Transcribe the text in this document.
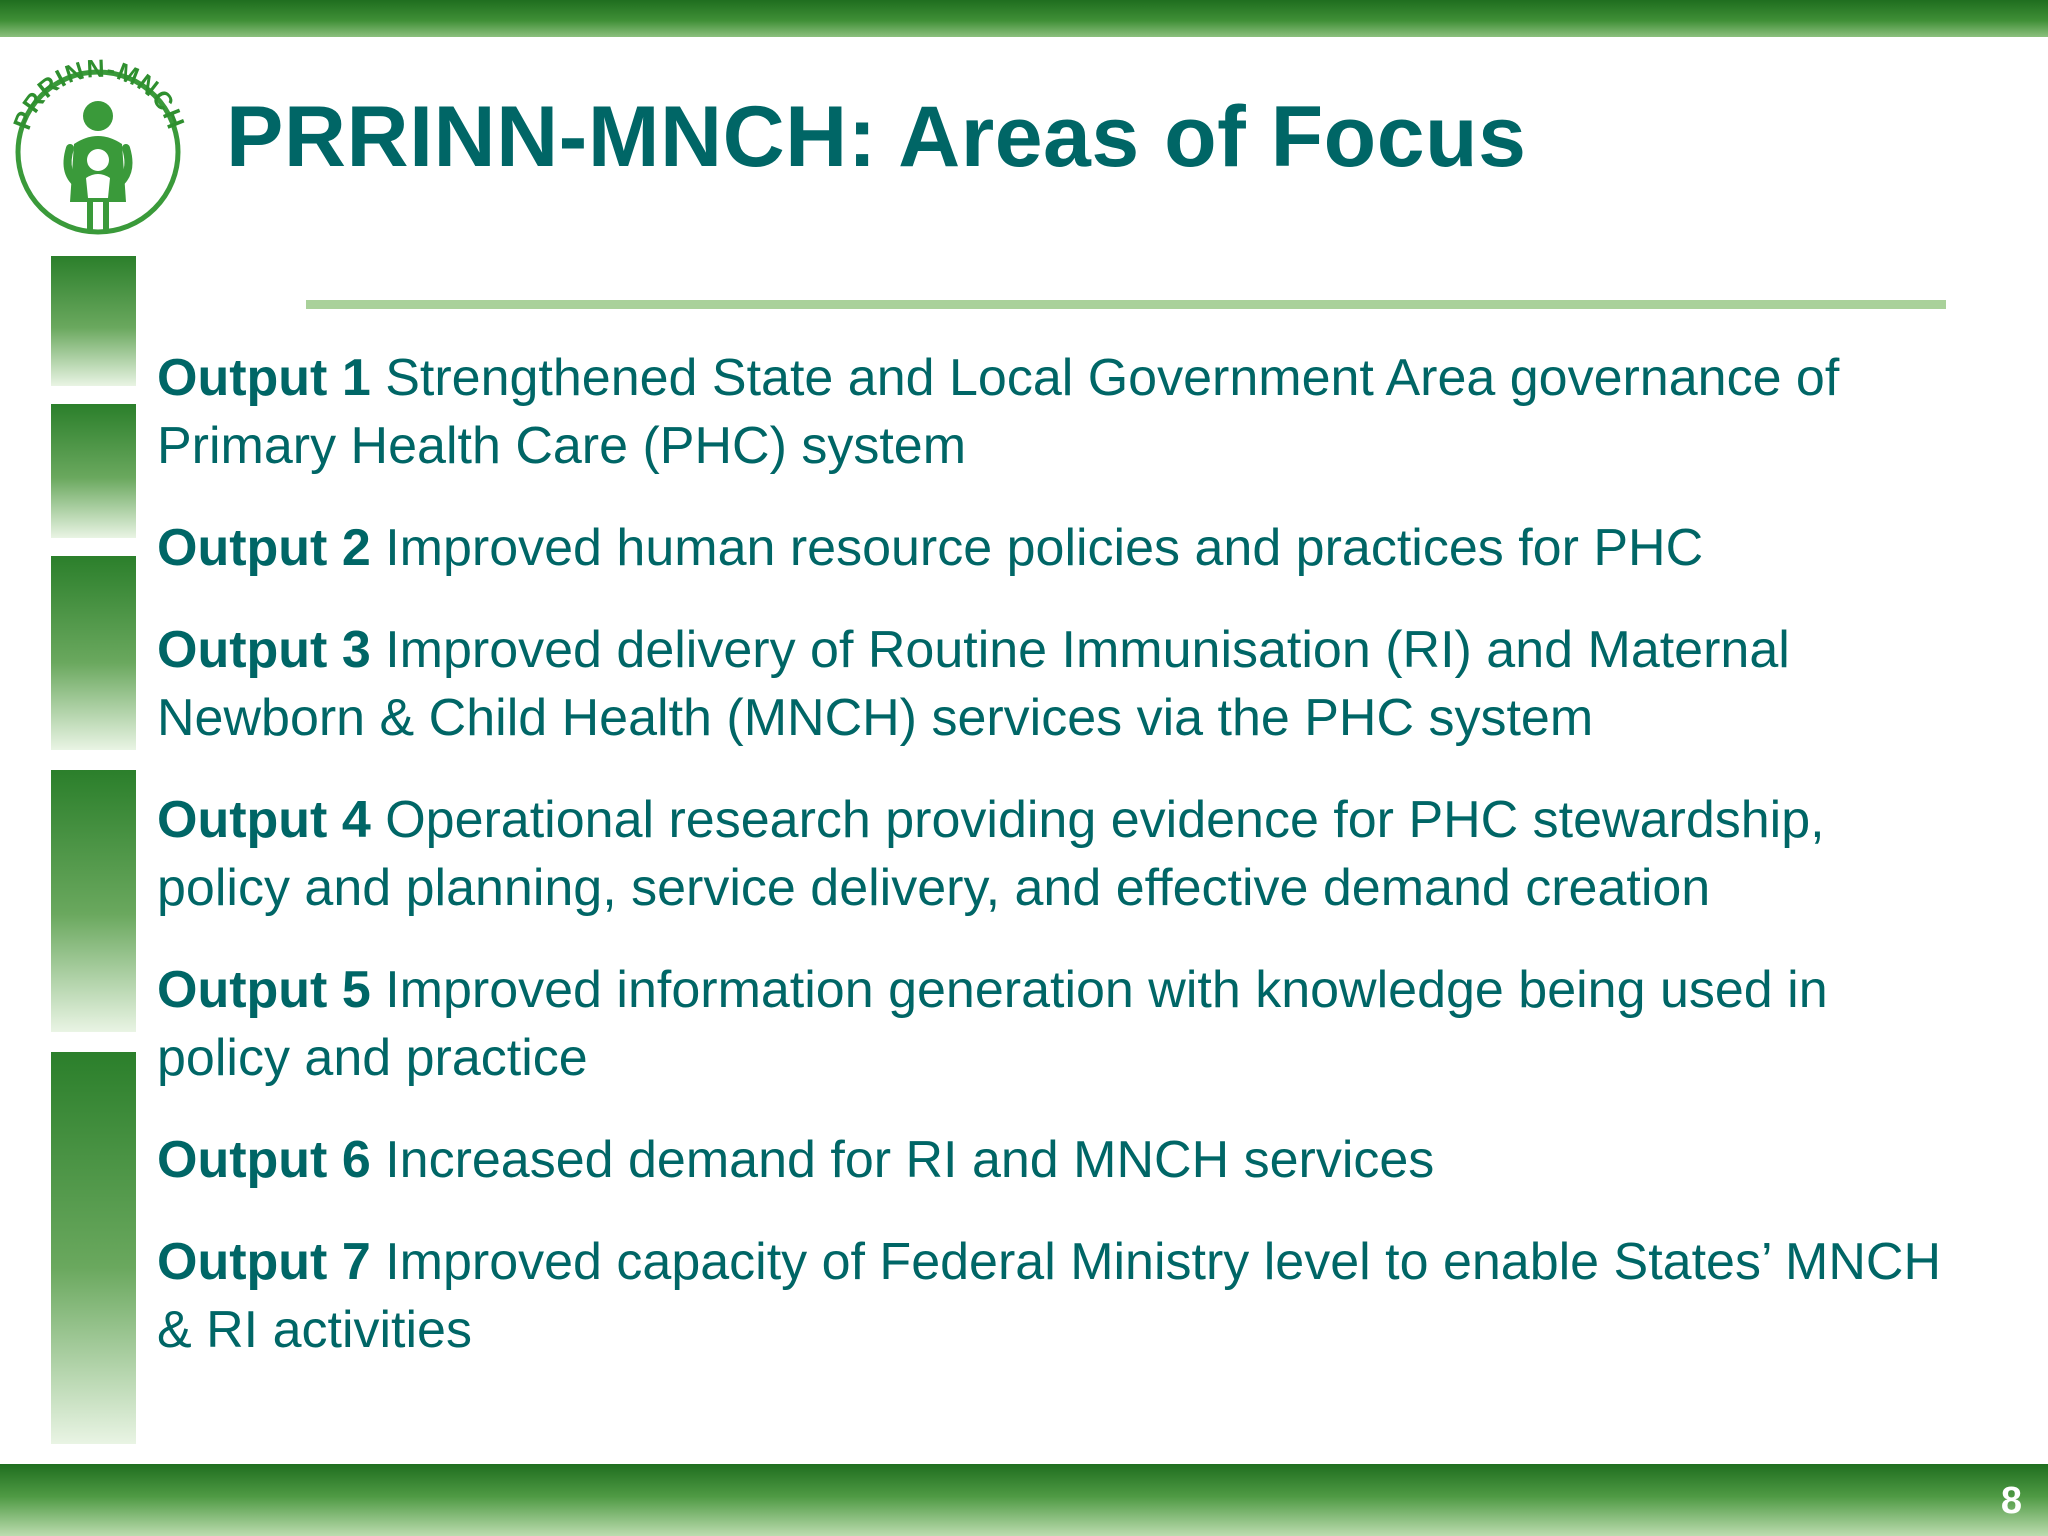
PRRINN-MNCH PRRINN-MNCH: Areas of Focus
Output 1 Strengthened State and Local Government Area governance of Primary Health Care (PHC) system
Output 2 Improved human resource policies and practices for PHC
Output 3 Improved delivery of Routine Immunisation (RI) and Maternal Newborn & Child Health (MNCH) services via the PHC system
Output 4 Operational research providing evidence for PHC stewardship, policy and planning, service delivery, and effective demand creation
Output 5 Improved information generation with knowledge being used in policy and practice
Output 6 Increased demand for RI and MNCH services
Output 7 Improved capacity of Federal Ministry level to enable States’ MNCH & RI activities
8
